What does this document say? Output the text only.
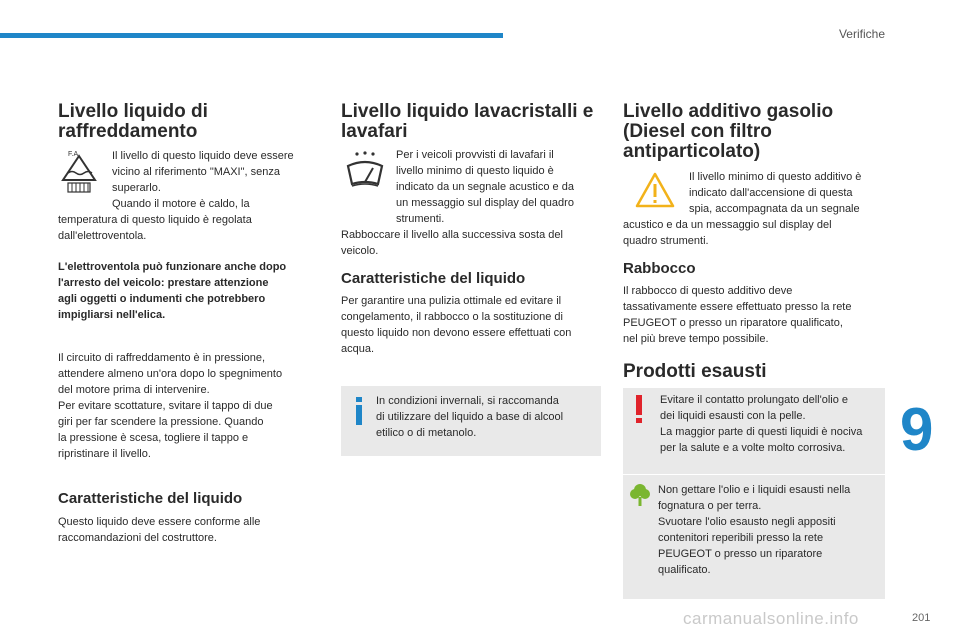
Verifiche
9
201
carmanualsonline.info
Livello liquido di
raffreddamento
F.A	Il livello di questo liquido deve essere

vicino al riferimento "MAXI", senza

superarlo.

Quando il motore è caldo, la

temperatura di questo liquido è regolata

dall'elettroventola.

L'elettroventola può funzionare anche dopo

l'arresto del veicolo: prestare attenzione

agli oggetti o indumenti che potrebbero

impigliarsi nell'elica.

Il circuito di raffreddamento è in pressione,

attendere almeno un'ora dopo lo spegnimento

del motore prima di intervenire.

Per evitare scottature, svitare il tappo di due

giri per far scendere la pressione. Quando

la pressione è scesa, togliere il tappo e

ripristinare il livello.

Caratteristiche del liquido

Questo liquido deve essere conforme alle

raccomandazioni del costruttore.

Livello liquido lavacristalli e
lavafari

Per i veicoli provvisti di lavafari il

livello minimo di questo liquido è

indicato da un segnale acustico e da

un messaggio sul display del quadro

strumenti.

Rabboccare il livello alla successiva sosta del

veicolo.

Caratteristiche del liquido

Per garantire una pulizia ottimale ed evitare il

congelamento, il rabbocco o la sostituzione di

questo liquido non devono essere effettuati con

acqua.

In condizioni invernali, si raccomanda

di utilizzare del liquido a base di alcool

etilico o di metanolo.

Livello additivo gasolio
(Diesel con filtro
antiparticolato)

Il livello minimo di questo additivo è

indicato dall'accensione di questa

spia, accompagnata da un segnale

acustico e da un messaggio sul display del

quadro strumenti.

Rabbocco

Il rabbocco di questo additivo deve

tassativamente essere effettuato presso la rete

PEUGEOT o presso un riparatore qualificato,

nel più breve tempo possibile.

Prodotti esausti

Evitare il contatto prolungato dell'olio e

dei liquidi esausti con la pelle.

La maggior parte di questi liquidi è nociva

per la salute e a volte molto corrosiva.

Non gettare l'olio e i liquidi esausti nella

fognatura o per terra.

Svuotare l'olio esausto negli appositi

contenitori reperibili presso la rete

PEUGEOT o presso un riparatore

qualificato.
